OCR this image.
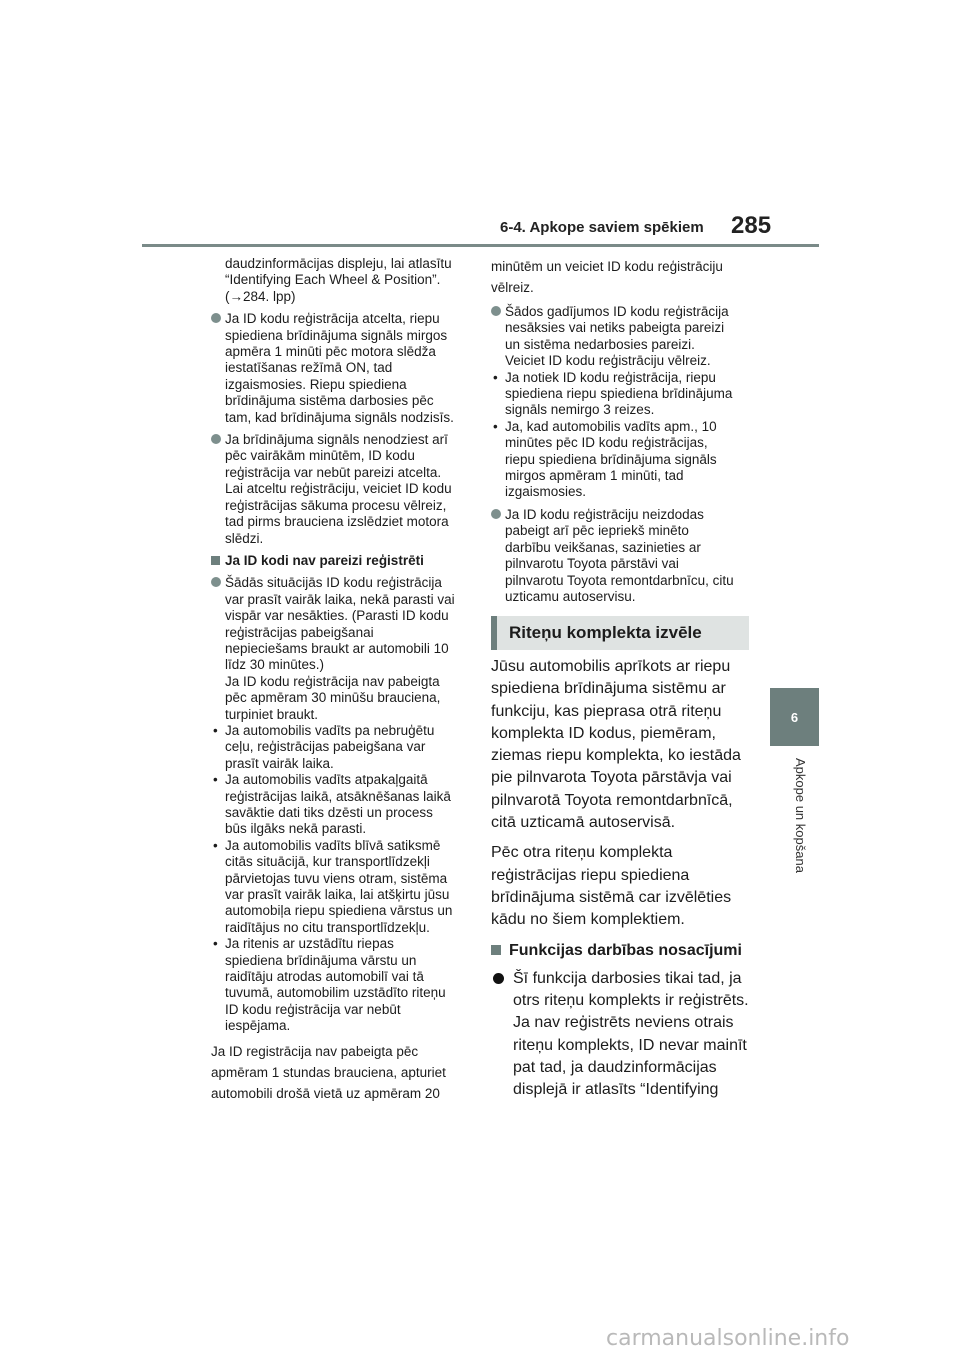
6-4. Apkope saviem spēkiem 285
6
Apkope un kopšana
daudzinformācijas displeju, lai atlasītu
“Identifying Each Wheel & Position”.
(→284. lpp)
Ja ID kodu reģistrācija atcelta, riepu
spiediena brīdinājuma signāls mirgos
apmēra 1 minūti pēc motora slēdža
iestatīšanas režīmā ON, tad
izgaismosies. Riepu spiediena
brīdinājuma sistēma darbosies pēc
tam, kad brīdinājuma signāls nodzisīs.
Ja brīdinājuma signāls nenodziest arī
pēc vairākām minūtēm, ID kodu
reģistrācija var nebūt pareizi atcelta.
Lai atceltu reģistrāciju, veiciet ID kodu
reģistrācijas sākuma procesu vēlreiz,
tad pirms brauciena izslēdziet motora
slēdzi.
Ja ID kodi nav pareizi reģistrēti
Šādās situācijās ID kodu reģistrācija
var prasīt vairāk laika, nekā parasti vai
vispār var nesākties. (Parasti ID kodu
reģistrācijas pabeigšanai
nepieciešams braukt ar automobili 10
līdz 30 minūtes.)
Ja ID kodu reģistrācija nav pabeigta
pēc apmēram 30 minūšu brauciena,
turpiniet braukt.
• Ja automobilis vadīts pa nebruģētu
ceļu, reģistrācijas pabeigšana var
prasīt vairāk laika.
• Ja automobilis vadīts atpakaļgaitā
reģistrācijas laikā, atsāknēšanas laikā
savāktie dati tiks dzēsti un process
būs ilgāks nekā parasti.
• Ja automobilis vadīts blīvā satiksmē
citās situācijā, kur transportlīdzekļi
pārvietojas tuvu viens otram, sistēma
var prasīt vairāk laika, lai atšķirtu jūsu
automobiļa riepu spiediena vārstus un
raidītājus no citu transportlīdzekļu.
• Ja ritenis ar uzstādītu riepas
spiediena brīdinājuma vārstu un
raidītāju atrodas automobilī vai tā
tuvumā, automobilim uzstādīto riteņu
ID kodu reģistrācija var nebūt
iespējama.
Ja ID registrācija nav pabeigta pēc
apmēram 1 stundas brauciena, apturiet
automobili drošā vietā uz apmēram 20
minūtēm un veiciet ID kodu reģistrāciju
vēlreiz.
Šādos gadījumos ID kodu reģistrācija
nesāksies vai netiks pabeigta pareizi
un sistēma nedarbosies pareizi.
Veiciet ID kodu reģistrāciju vēlreiz.
• Ja notiek ID kodu reģistrācija, riepu
spiediena riepu spiediena brīdinājuma
signāls nemirgo 3 reizes.
• Ja, kad automobilis vadīts apm., 10
minūtes pēc ID kodu reģistrācijas,
riepu spiediena brīdinājuma signāls
mirgos apmēram 1 minūti, tad
izgaismosies.
Ja ID kodu reģistrāciju neizdodas
pabeigt arī pēc iepriekš minēto
darbību veikšanas, sazinieties ar
pilnvarotu Toyota pārstāvi vai
pilnvarotu Toyota remontdarbnīcu, citu
uzticamu autoservisu.
Riteņu komplekta izvēle

Jūsu automobilis aprīkots ar riepu
spiediena brīdinājuma sistēmu ar
funkciju, kas pieprasa otrā riteņu
komplekta ID kodus, piemēram,
ziemas riepu komplekta, ko iestāda
pie pilnvarota Toyota pārstāvja vai
pilnvarotā Toyota remontdarbnīcā,
citā uzticamā autoservisā.

Pēc otra riteņu komplekta
reģistrācijas riepu spiediena
brīdinājuma sistēmā car izvēlēties
kādu no šiem komplektiem.

Funkcijas darbības nosacījumi
Šī funkcija darbosies tikai tad, ja
otrs riteņu komplekts ir reģistrēts.
Ja nav reģistrēts neviens otrais
riteņu komplekts, ID nevar mainīt
pat tad, ja daudzinformācijas
displejā ir atlasīts “Identifying
carmanualsonline.info
